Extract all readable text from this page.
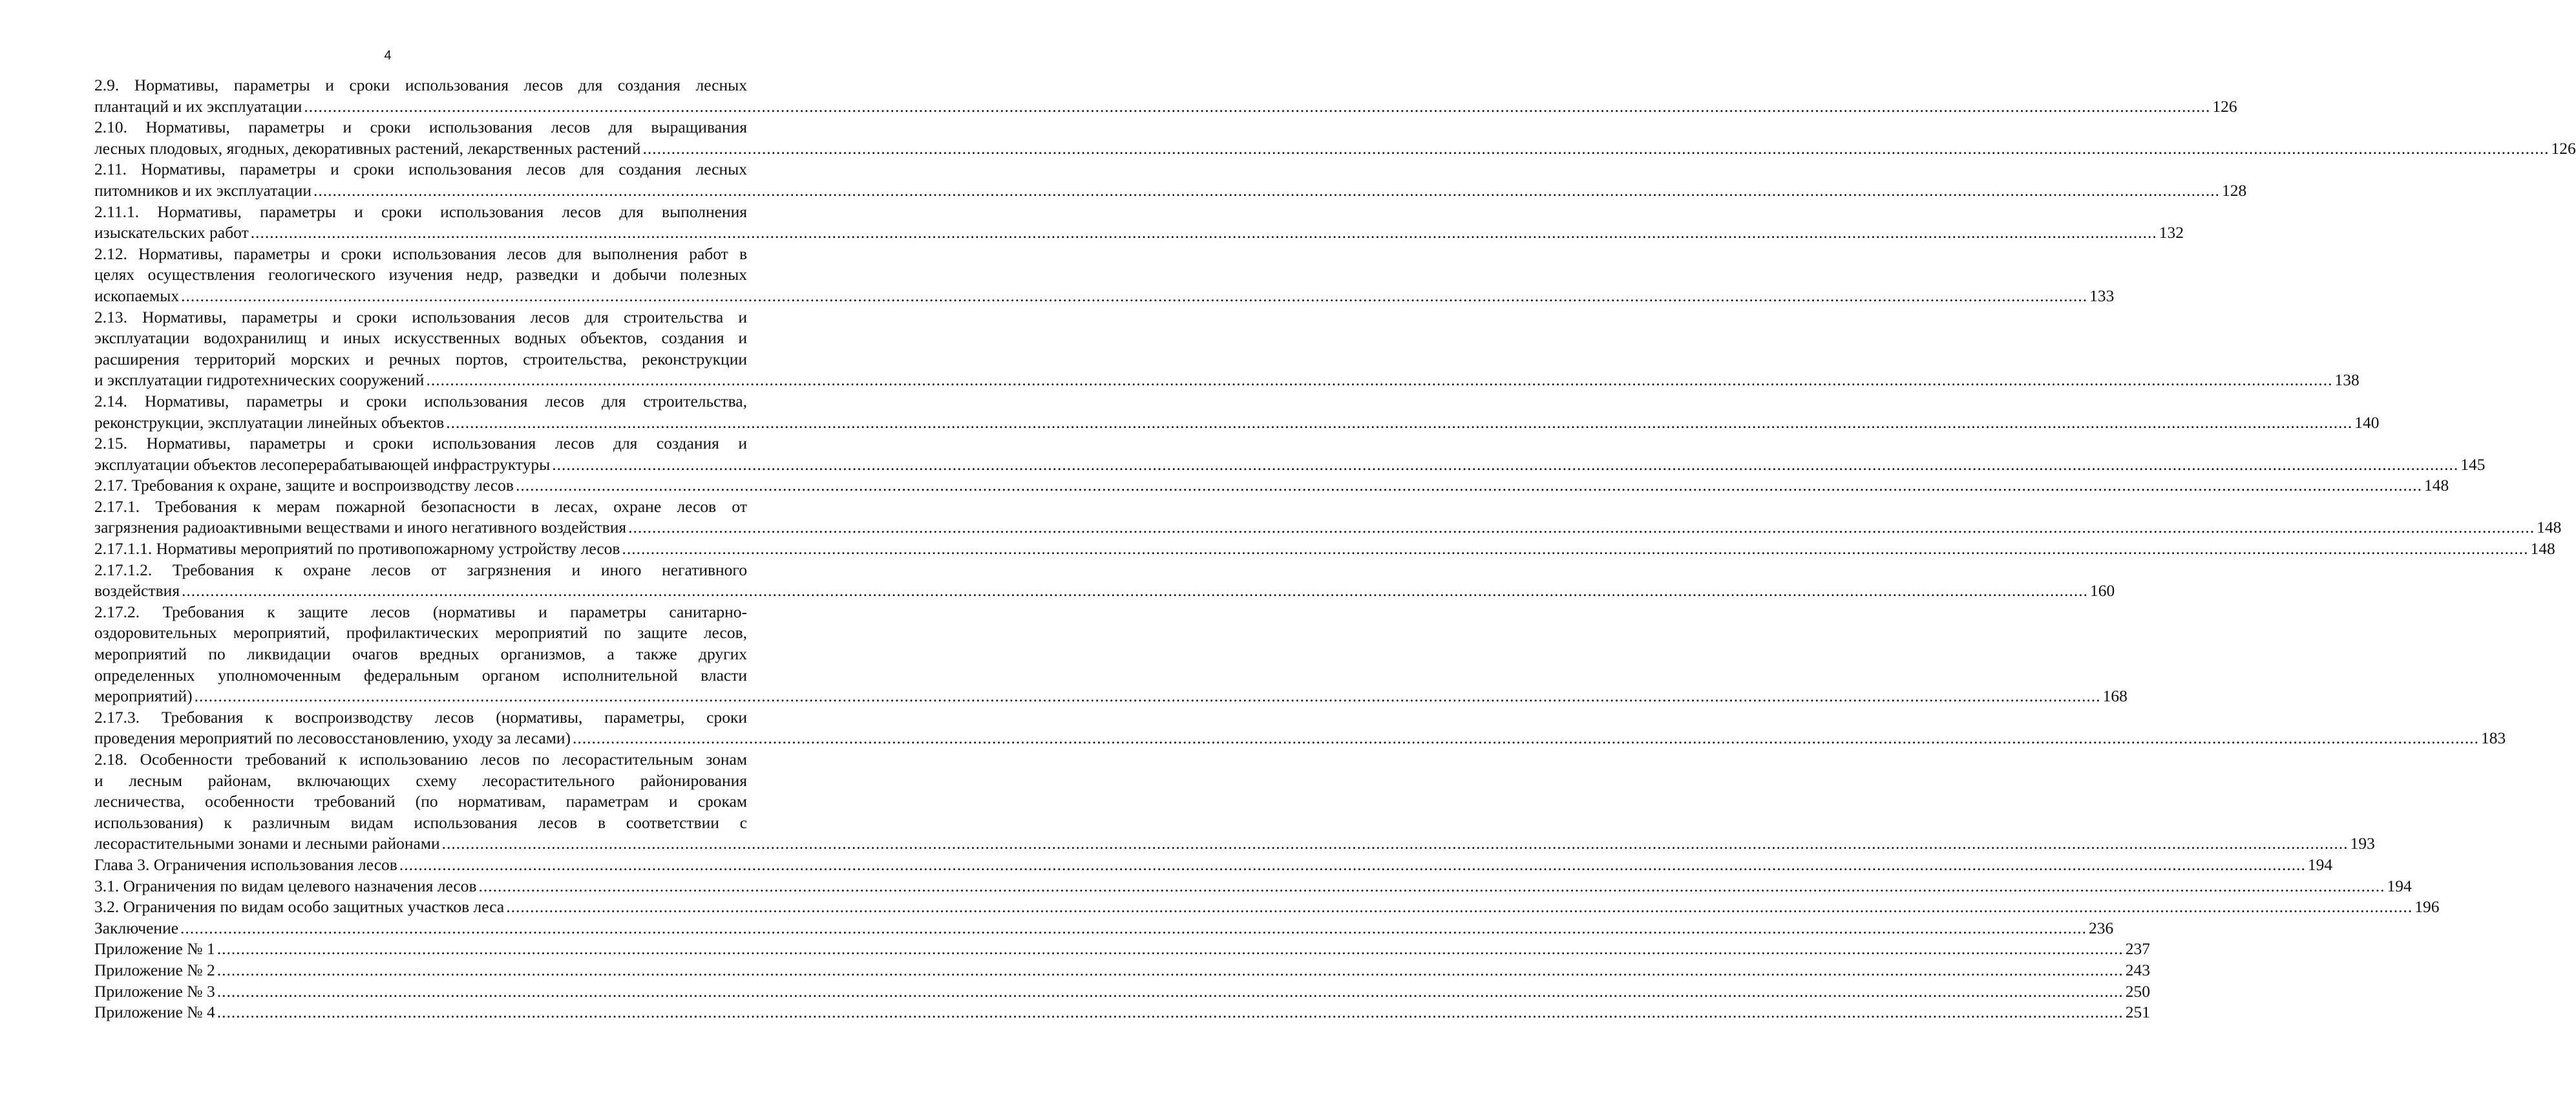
4

2.9. Нормативы, параметры и сроки использования лесов для создания лесных

плантаций и их эксплуатации ................................................................................................................................................................................................................................................................................................................................................................................................................ 126

2.10. Нормативы, параметры и сроки использования лесов для выращивания

лесных плодовых, ягодных, декоративных растений, лекарственных растений ................................................................................................................................................................................................................................................................................................................................................................................................................ 126

2.11. Нормативы, параметры и сроки использования лесов для создания лесных

питомников и их эксплуатации ................................................................................................................................................................................................................................................................................................................................................................................................................ 128

2.11.1. Нормативы, параметры и сроки использования лесов для выполнения

изыскательских работ ................................................................................................................................................................................................................................................................................................................................................................................................................ 132

2.12. Нормативы, параметры и сроки использования лесов для выполнения работ в

целях осуществления геологического изучения недр, разведки и добычи полезных

ископаемых ................................................................................................................................................................................................................................................................................................................................................................................................................ 133

2.13. Нормативы, параметры и сроки использования лесов для строительства и

эксплуатации водохранилищ и иных искусственных водных объектов, создания и

расширения территорий морских и речных портов, строительства, реконструкции

и эксплуатации гидротехнических сооружений ................................................................................................................................................................................................................................................................................................................................................................................................................ 138

2.14. Нормативы, параметры и сроки использования лесов для строительства,

реконструкции, эксплуатации линейных объектов ................................................................................................................................................................................................................................................................................................................................................................................................................ 140

2.15. Нормативы, параметры и сроки использования лесов для создания и

эксплуатации объектов лесоперерабатывающей инфраструктуры ................................................................................................................................................................................................................................................................................................................................................................................................................ 145

2.17. Требования к охране, защите и воспроизводству лесов ................................................................................................................................................................................................................................................................................................................................................................................................................ 148

2.17.1. Требования к мерам пожарной безопасности в лесах, охране лесов от

загрязнения радиоактивными веществами и иного негативного воздействия ................................................................................................................................................................................................................................................................................................................................................................................................................ 148

2.17.1.1. Нормативы мероприятий по противопожарному устройству лесов ................................................................................................................................................................................................................................................................................................................................................................................................................ 148

2.17.1.2. Требования к охране лесов от загрязнения и иного негативного

воздействия ................................................................................................................................................................................................................................................................................................................................................................................................................ 160

2.17.2. Требования к защите лесов (нормативы и параметры санитарно-

оздоровительных мероприятий, профилактических мероприятий по защите лесов,

мероприятий по ликвидации очагов вредных организмов, а также других

определенных уполномоченным федеральным органом исполнительной власти

мероприятий) ................................................................................................................................................................................................................................................................................................................................................................................................................ 168

2.17.3. Требования к воспроизводству лесов (нормативы, параметры, сроки

проведения мероприятий по лесовосстановлению, уходу за лесами) ................................................................................................................................................................................................................................................................................................................................................................................................................ 183

2.18. Особенности требований к использованию лесов по лесорастительным зонам

и лесным районам, включающих схему лесорастительного районирования

лесничества, особенности требований (по нормативам, параметрам и срокам

использования) к различным видам использования лесов в соответствии с

лесорастительными зонами и лесными районами ................................................................................................................................................................................................................................................................................................................................................................................................................ 193

Глава 3. Ограничения использования лесов ................................................................................................................................................................................................................................................................................................................................................................................................................ 194

3.1. Ограничения по видам целевого назначения лесов ................................................................................................................................................................................................................................................................................................................................................................................................................ 194

3.2. Ограничения по видам особо защитных участков леса ................................................................................................................................................................................................................................................................................................................................................................................................................ 196

Заключение ................................................................................................................................................................................................................................................................................................................................................................................................................ 236

Приложение № 1 ................................................................................................................................................................................................................................................................................................................................................................................................................ 237

Приложение № 2 ................................................................................................................................................................................................................................................................................................................................................................................................................ 243

Приложение № 3 ................................................................................................................................................................................................................................................................................................................................................................................................................ 250

Приложение № 4 ................................................................................................................................................................................................................................................................................................................................................................................................................ 251
